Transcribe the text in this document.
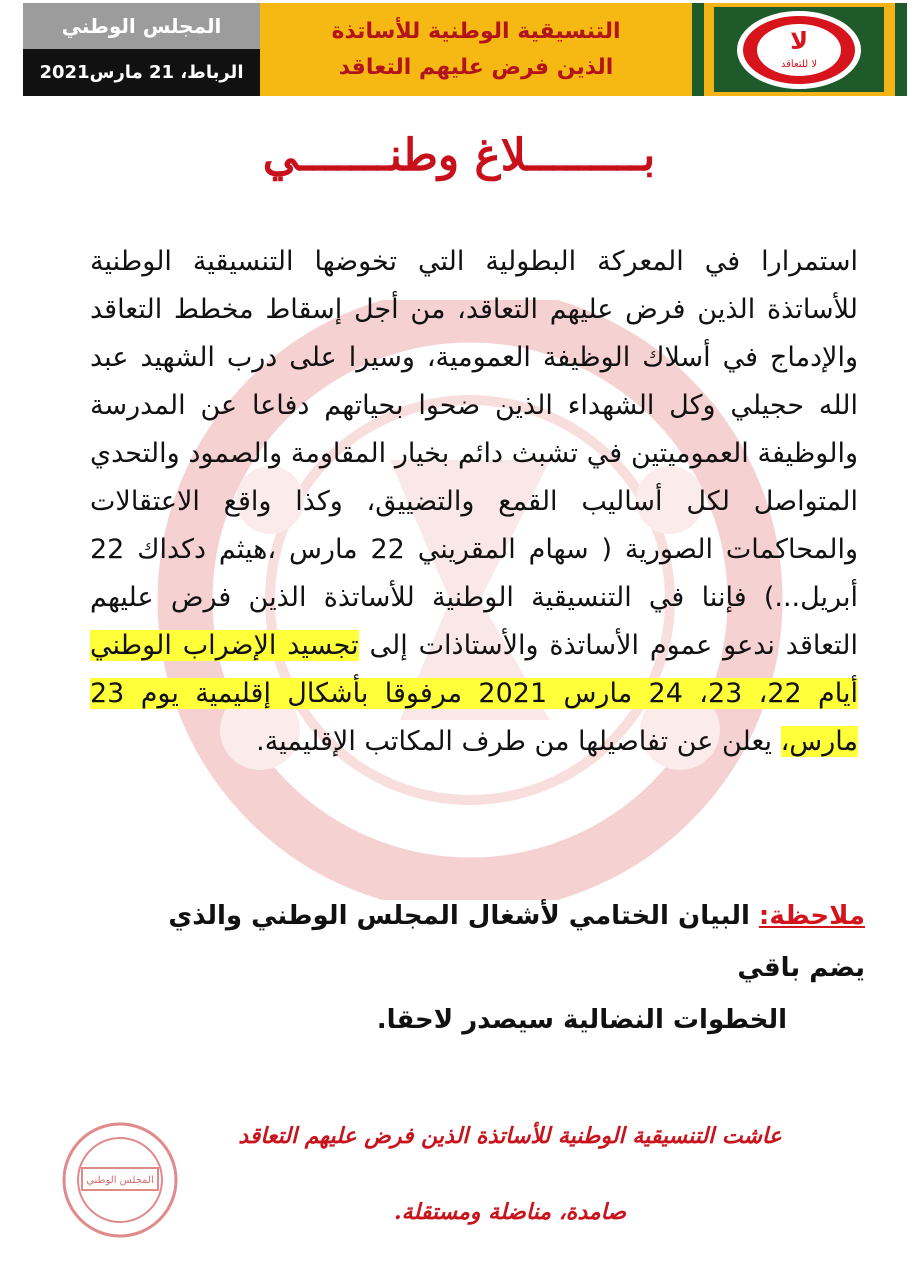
المجلس الوطني
الرباط، 21 مارس2021
التنسيقية الوطنية للأساتذة
الذين فرض عليهم التعاقد
لا
لا للتعاقد
بـــــــــلاغ وطنـــــــي
استمرارا في المعركة البطولية التي تخوضها التنسيقية الوطنية للأساتذة الذين فرض عليهم التعاقد، من أجل إسقاط مخطط التعاقد والإدماج في أسلاك الوظيفة العمومية، وسيرا على درب الشهيد عبد الله حجيلي وكل الشهداء الذين ضحوا بحياتهم دفاعا عن المدرسة والوظيفة العموميتين في تشبث دائم بخيار المقاومة والصمود والتحدي المتواصل لكل أساليب القمع والتضييق، وكذا واقع الاعتقالات والمحاكمات الصورية ( سهام المقريني 22 مارس ،هيثم دكداك 22 أبريل...) فإننا في التنسيقية الوطنية للأساتذة الذين فرض عليهم التعاقد ندعو عموم الأساتذة والأستاذات إلى تجسيد الإضراب الوطني أيام 22، 23، 24 مارس 2021 مرفوقا بأشكال إقليمية يوم 23 مارس، يعلن عن تفاصيلها من طرف المكاتب الإقليمية.
ملاحظة: البيان الختامي لأشغال المجلس الوطني والذي يضم باقي
الخطوات النضالية سيصدر لاحقا.
عاشت التنسيقية الوطنية للأساتذة الذين فرض عليهم التعاقد
صامدة، مناضلة ومستقلة.
المجلس الوطني
